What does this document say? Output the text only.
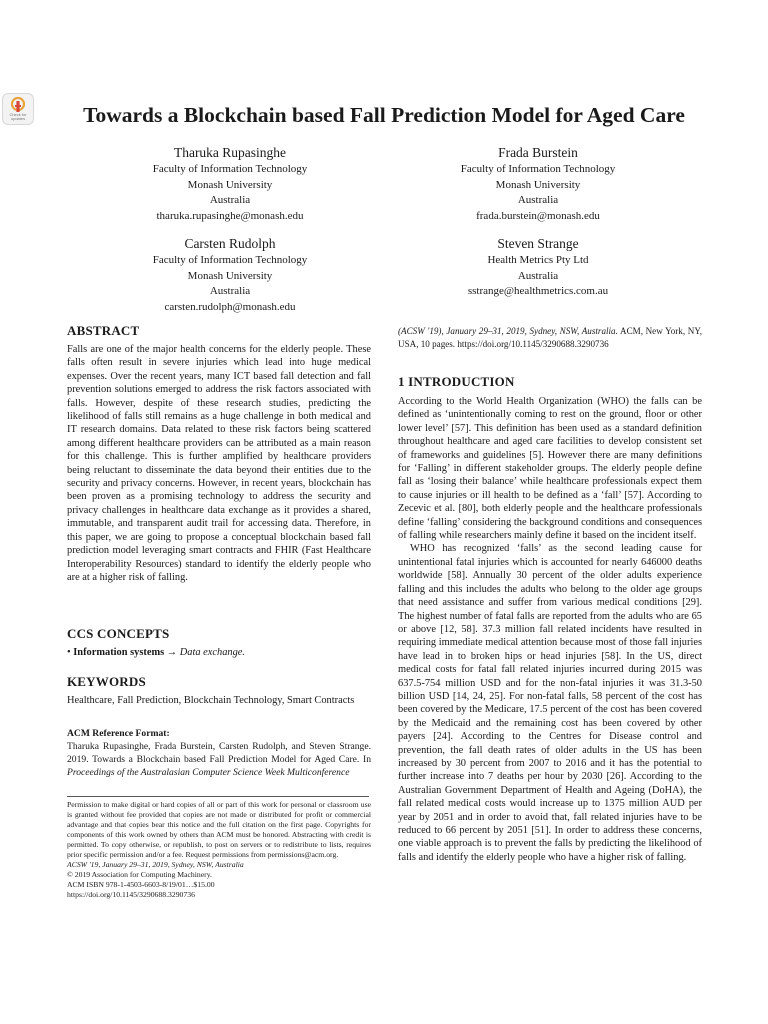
Check for
updates	Towards a Blockchain based Fall Prediction Model for Aged Care
Tharuka Rupasinghe
Faculty of Information Technology
Monash University
Australia
tharuka.rupasinghe@monash.edu
Frada Burstein
Faculty of Information Technology
Monash University
Australia
frada.burstein@monash.edu
Carsten Rudolph
Faculty of Information Technology
Monash University
Australia
carsten.rudolph@monash.edu
Steven Strange
Health Metrics Pty Ltd
Australia
sstrange@healthmetrics.com.au
ABSTRACT

Falls are one of the major health concerns for the elderly people. These falls often result in severe injuries which lead into huge medical expenses. Over the recent years, many ICT based fall detection and fall prevention solutions emerged to address the risk factors associated with falls. However, despite of these research studies, predicting the likelihood of falls still remains as a huge challenge in both medical and IT research domains. Data related to these risk factors being scattered among different healthcare providers can be attributed as a main reason for this challenge. This is further amplified by healthcare providers being reluctant to disseminate the data beyond their entities due to the security and privacy concerns. However, in recent years, blockchain has been proven as a promising technology to address the security and privacy challenges in healthcare data exchange as it provides a shared, immutable, and transparent audit trail for accessing data. Therefore, in this paper, we are going to propose a conceptual blockchain based fall prediction model leveraging smart contracts and FHIR (Fast Healthcare Interoperability Resources) standard to identify the elderly people who are at a higher risk of falling.

CCS CONCEPTS

• Information systems → Data exchange.

KEYWORDS

Healthcare, Fall Prediction, Blockchain Technology, Smart Contracts

ACM Reference Format:

Tharuka Rupasinghe, Frada Burstein, Carsten Rudolph, and Steven Strange. 2019. Towards a Blockchain based Fall Prediction Model for Aged Care. In Proceedings of the Australasian Computer Science Week Multiconference

Permission to make digital or hard copies of all or part of this work for personal or classroom use is granted without fee provided that copies are not made or distributed for profit or commercial advantage and that copies bear this notice and the full citation on the first page. Copyrights for components of this work owned by others than ACM must be honored. Abstracting with credit is permitted. To copy otherwise, or republish, to post on servers or to redistribute to lists, requires prior specific permission and/or a fee. Request permissions from permissions@acm.org.

ACSW '19, January 29–31, 2019, Sydney, NSW, Australia

© 2019 Association for Computing Machinery.

ACM ISBN 978-1-4503-6603-8/19/01…$15.00

https://doi.org/10.1145/3290688.3290736

(ACSW '19), January 29–31, 2019, Sydney, NSW, Australia. ACM, New York, NY, USA, 10 pages. https://doi.org/10.1145/3290688.3290736

1 INTRODUCTION

According to the World Health Organization (WHO) the falls can be defined as ‘unintentionally coming to rest on the ground, floor or other lower level’ [57]. This definition has been used as a standard definition throughout healthcare and aged care facilities to develop consistent set of frameworks and guidelines [5]. However there are many definitions for ‘Falling’ in different stakeholder groups. The elderly people define fall as ‘losing their balance’ while healthcare professionals expect them to cause injuries or ill health to be defined as a ‘fall’ [57]. According to Zecevic et al. [80], both elderly people and the healthcare professionals define ‘falling’ considering the background conditions and consequences of falling while researchers mainly define it based on the incident itself.

WHO has recognized ‘falls’ as the second leading cause for unintentional fatal injuries which is accounted for nearly 646000 deaths worldwide [58]. Annually 30 percent of the older adults experience falling and this includes the adults who belong to the older age groups that need assistance and suffer from various medical conditions [29]. The highest number of fatal falls are reported from the adults who are 65 or above [12, 58]. 37.3 million fall related incidents have resulted in requiring immediate medical attention because most of those fall injuries have lead in to broken hips or head injuries [58]. In the US, direct medical costs for fatal fall related injuries incurred during 2015 was 637.5-754 million USD and for the non-fatal injuries it was 31.3-50 billion USD [14, 24, 25]. For non-fatal falls, 58 percent of the cost has been covered by the Medicare, 17.5 percent of the cost has been covered by the Medicaid and the remaining cost has been covered by other payers [24]. According to the Centres for Disease control and prevention, the fall death rates of older adults in the US has been increased by 30 percent from 2007 to 2016 and it has the potential to further increase into 7 deaths per hour by 2030 [26]. According to the Australian Government Department of Health and Ageing (DoHA), the fall related medical costs would increase up to 1375 million AUD per year by 2051 and in order to avoid that, fall related injuries have to be reduced to 66 percent by 2051 [51]. In order to address these concerns, one viable approach is to prevent the falls by predicting the likelihood of falls and identify the elderly people who have a higher risk of falling.
